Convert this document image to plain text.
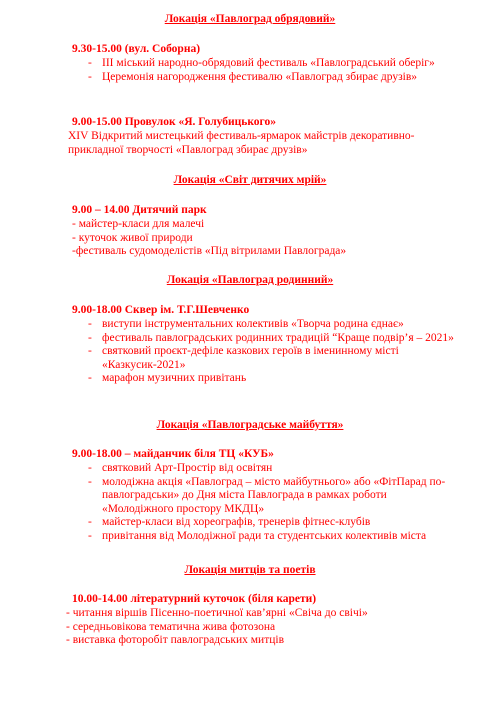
Локація «Павлоград обрядовий»
9.30-15.00 (вул. Соборна)
- ІІІ міський народно-обрядовий фестиваль «Павлоградський оберіг»
- Церемонія нагородження фестивалю «Павлоград збирає друзів»
9.00-15.00 Провулок «Я. Голубицького»
XIV Відкритий мистецький фестиваль-ярмарок майстрів декоративно-
прикладної творчості «Павлоград збирає друзів»
Локація «Світ дитячих мрій»
9.00 – 14.00 Дитячий парк
- майстер-класи для малечі
- куточок живої природи
-фестиваль судомоделістів «Під вітрилами Павлограда»
Локація «Павлоград родинний»
9.00-18.00 Сквер ім. Т.Г.Шевченко
- виступи інструментальних колективів «Творча родина єднає»
- фестиваль павлоградських родинних традицій “Краще подвір’я – 2021»
- святковий проєкт-дефіле казкових героїв в іменинному місті «Казкусик-2021»
- марафон музичних привітань
Локація «Павлоградське майбуття»
9.00-18.00 – майданчик біля ТЦ «КУБ»
- святковий Арт-Простір від освітян
- молодіжна акція «Павлоград – місто майбутнього» або «ФітПарад по-павлоградськи» до Дня міста Павлограда в рамках роботи «Молодіжного простору МКДЦ»
- майстер-класи від хореографів, тренерів фітнес-клубів
- привітання від Молодіжної ради та студентських колективів міста
Локація митців та поетів
10.00-14.00 літературний куточок (біля карети)
- читання віршів Пісенно-поетичної кав’ярні «Свіча до свічі»
- середньовікова тематична жива фотозона
- виставка фоторобіт павлоградських митців
